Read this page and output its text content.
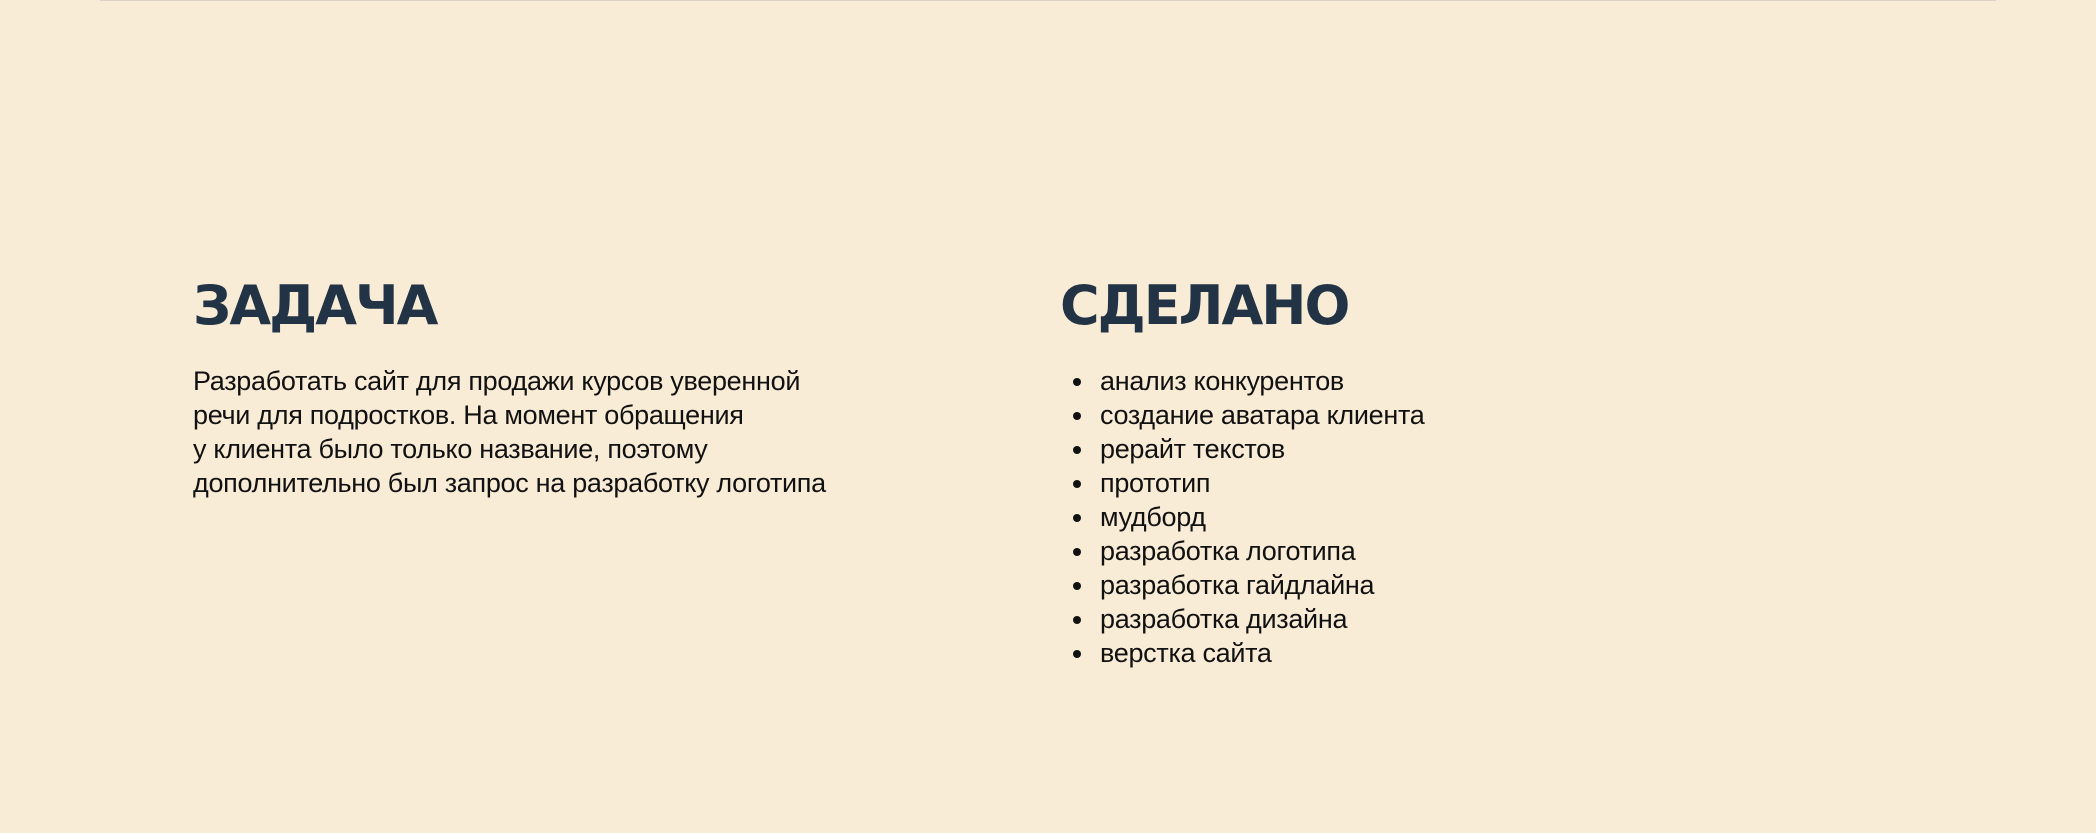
ЗАДАЧА

Разработать сайт для продажи курсов уверенной
речи для подростков. На момент обращения
у клиента было только название, поэтому
дополнительно был запрос на разработку логотипа

СДЕЛАНО
анализ конкурентов
создание аватара клиента
рерайт текстов
прототип
мудборд
разработка логотипа
разработка гайдлайна
разработка дизайна
верстка сайта
